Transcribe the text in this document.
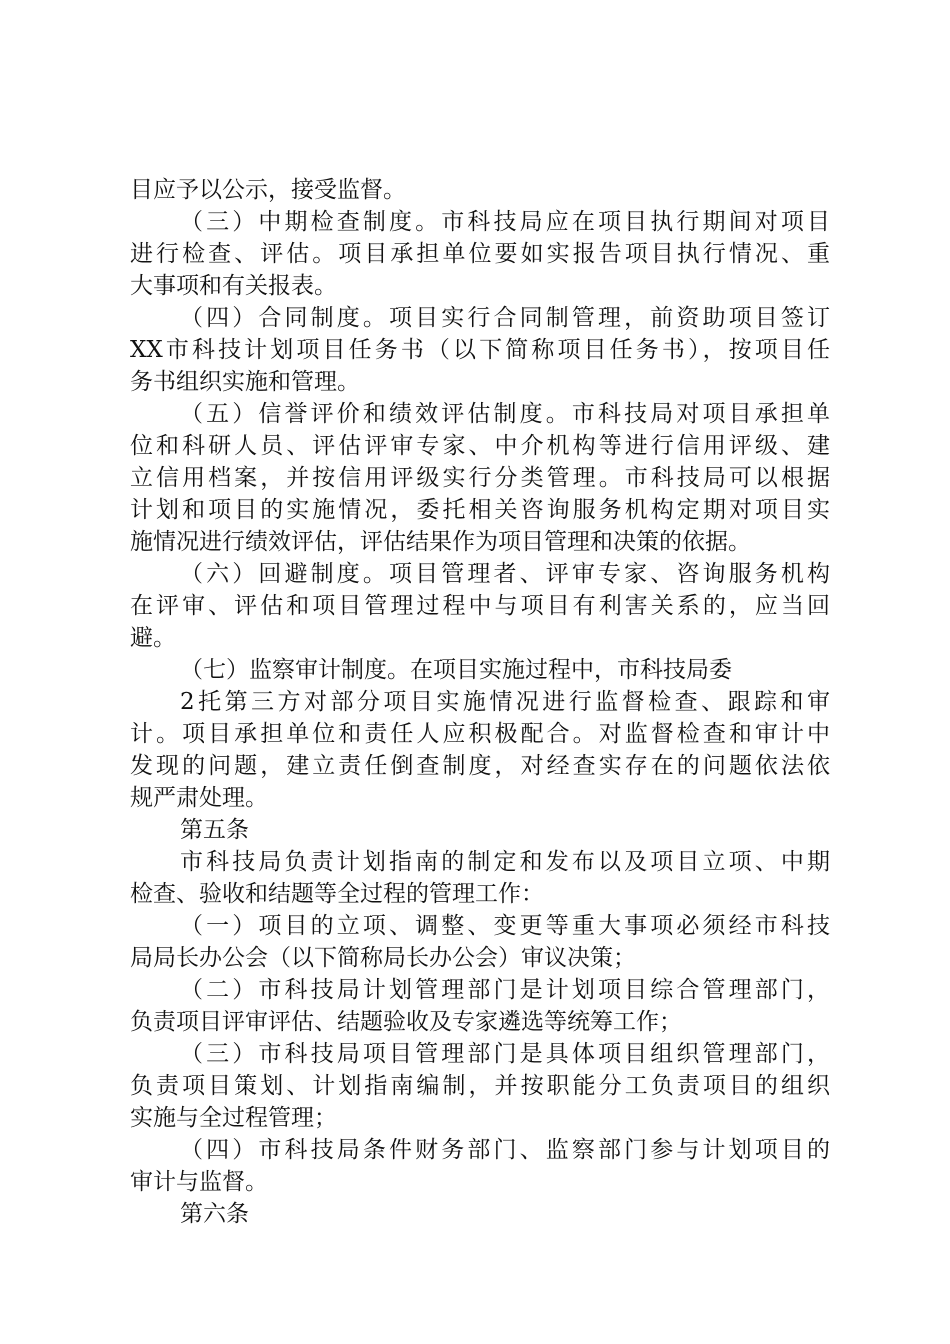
目应予以公示，接受监督。
（三）中期检查制度。市科技局应在项目执行期间对项目
进行检查、评估。项目承担单位要如实报告项目执行情况、重
大事项和有关报表。
（四）合同制度。项目实行合同制管理，前资助项目签订
XX市科技计划项目任务书（以下简称项目任务书），按项目任
务书组织实施和管理。
（五）信誉评价和绩效评估制度。市科技局对项目承担单
位和科研人员、评估评审专家、中介机构等进行信用评级、建
立信用档案，并按信用评级实行分类管理。市科技局可以根据
计划和项目的实施情况，委托相关咨询服务机构定期对项目实
施情况进行绩效评估，评估结果作为项目管理和决策的依据。
（六）回避制度。项目管理者、评审专家、咨询服务机构
在评审、评估和项目管理过程中与项目有利害关系的，应当回
避。
（七）监察审计制度。在项目实施过程中，市科技局委
2托第三方对部分项目实施情况进行监督检查、跟踪和审
计。项目承担单位和责任人应积极配合。对监督检查和审计中
发现的问题，建立责任倒查制度，对经查实存在的问题依法依
规严肃处理。
第五条
市科技局负责计划指南的制定和发布以及项目立项、中期
检查、验收和结题等全过程的管理工作：
（一）项目的立项、调整、变更等重大事项必须经市科技
局局长办公会（以下简称局长办公会）审议决策；
（二）市科技局计划管理部门是计划项目综合管理部门，
负责项目评审评估、结题验收及专家遴选等统筹工作；
（三）市科技局项目管理部门是具体项目组织管理部门，
负责项目策划、计划指南编制，并按职能分工负责项目的组织
实施与全过程管理；
（四）市科技局条件财务部门、监察部门参与计划项目的
审计与监督。
第六条
